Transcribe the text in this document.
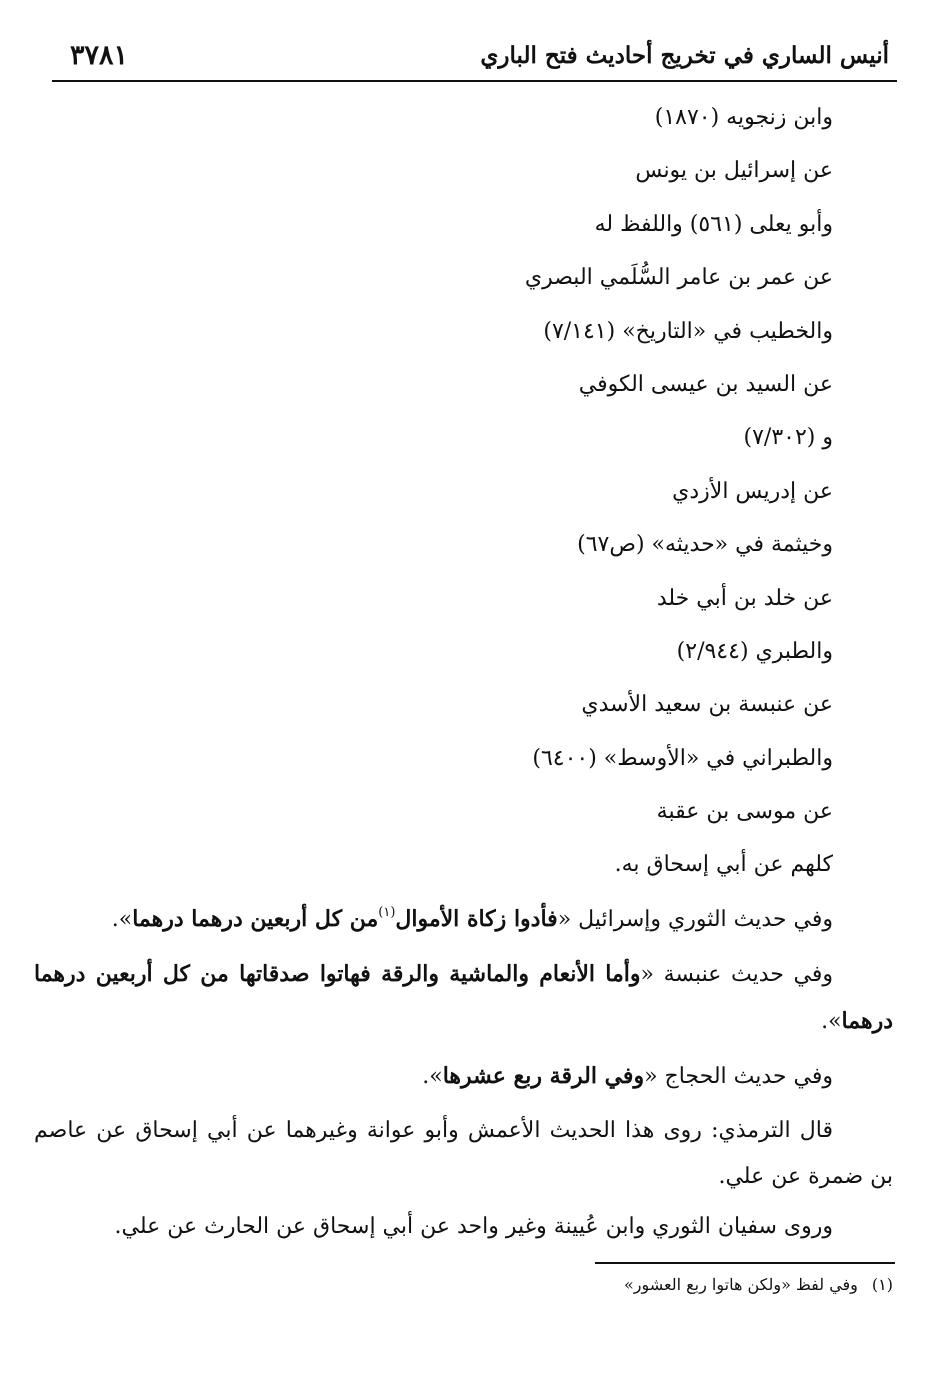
أنيس الساري في تخريج أحاديث فتح الباري
٣٧٨١
وابن زنجويه (١٨٧٠)
عن إسرائيل بن يونس
وأبو يعلى (٥٦١) واللفظ له
عن عمر بن عامر السُّلَمي البصري
والخطيب في «التاريخ» (٧/١٤١)
عن السيد بن عيسى الكوفي
و (٧/٣٠٢)
عن إدريس الأزدي
وخيثمة في «حديثه» (ص٦٧)
عن خلد بن أبي خلد
والطبري (٢/٩٤٤)
عن عنبسة بن سعيد الأسدي
والطبراني في «الأوسط» (٦٤٠٠)
عن موسى بن عقبة
كلهم عن أبي إسحاق به.

وفي حديث الثوري وإسرائيل «فأدوا زكاة الأموال$^{(١)}$من كل أربعين درهما درهما».

وفي حديث عنبسة «وأما الأنعام والماشية والرقة فهاتوا صدقاتها من كل أربعين درهما درهما».

وفي حديث الحجاج «وفي الرقة ربع عشرها».

قال الترمذي: روى هذا الحديث الأعمش وأبو عوانة وغيرهما عن أبي إسحاق عن عاصم بن ضمرة عن علي.

وروى سفيان الثوري وابن عُيينة وغير واحد عن أبي إسحاق عن الحارث عن علي.

(١)وفي لفظ «ولكن هاتوا ربع العشور»
